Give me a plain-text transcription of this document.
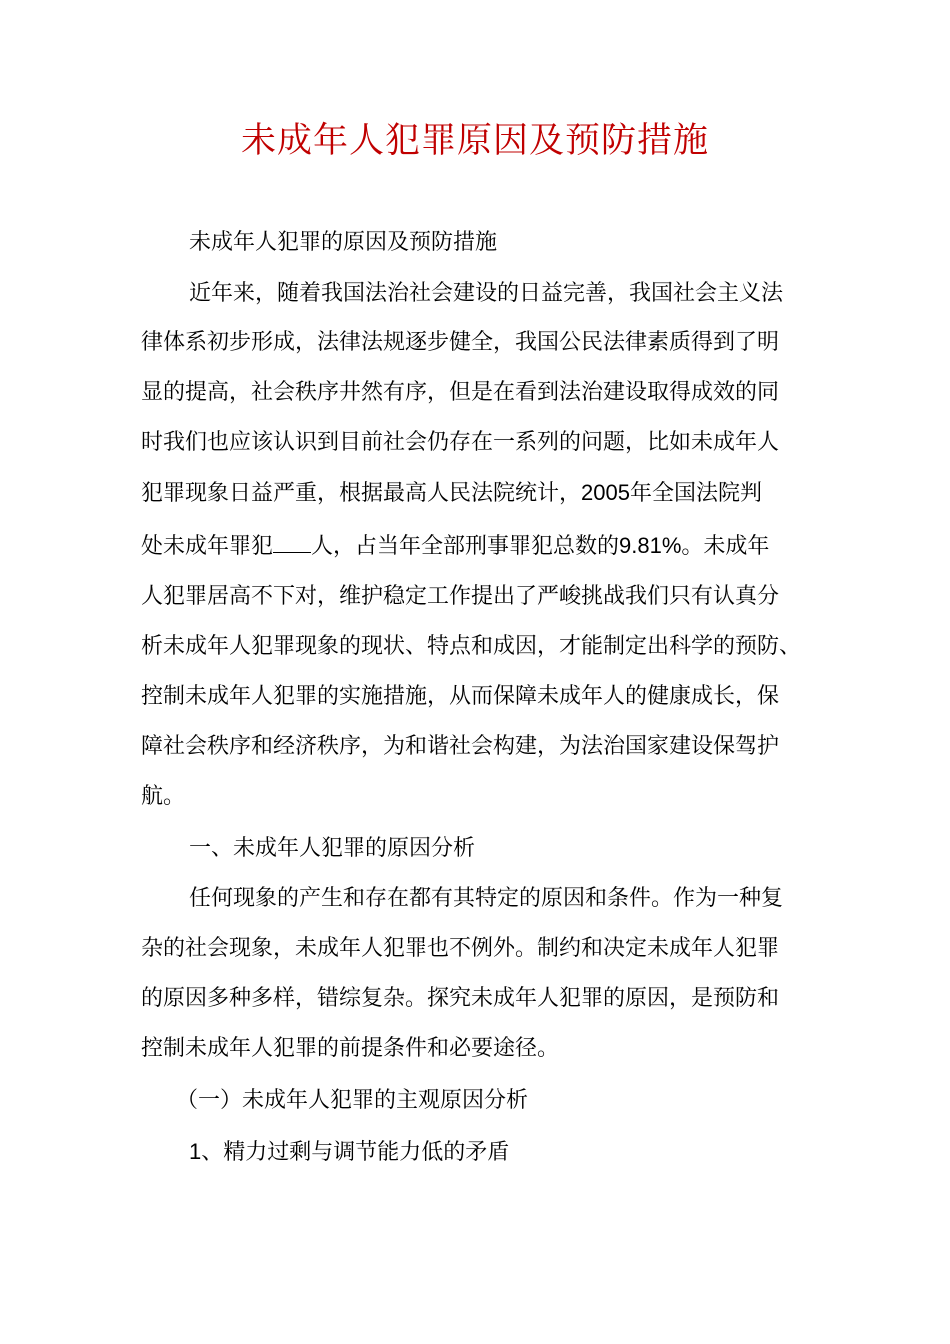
未成年人犯罪原因及预防措施
未成年人犯罪的原因及预防措施
近年来，随着我国法治社会建设的日益完善，我国社会主义法
律体系初步形成，法律法规逐步健全，我国公民法律素质得到了明
显的提高，社会秩序井然有序，但是在看到法治建设取得成效的同
时我们也应该认识到目前社会仍存在一系列的问题，比如未成年人
犯罪现象日益严重，根据最高人民法院统计，2005年全国法院判
处未成年罪犯 人，占当年全部刑事罪犯总数的9.81%。未成年
人犯罪居高不下对，维护稳定工作提出了严峻挑战我们只有认真分
析未成年人犯罪现象的现状、特点和成因，才能制定出科学的预防、
控制未成年人犯罪的实施措施，从而保障未成年人的健康成长，保
障社会秩序和经济秩序，为和谐社会构建，为法治国家建设保驾护
航。
一、未成年人犯罪的原因分析
任何现象的产生和存在都有其特定的原因和条件。作为一种复
杂的社会现象，未成年人犯罪也不例外。制约和决定未成年人犯罪
的原因多种多样，错综复杂。探究未成年人犯罪的原因，是预防和
控制未成年人犯罪的前提条件和必要途径。
（一）未成年人犯罪的主观原因分析
1、精力过剩与调节能力低的矛盾
